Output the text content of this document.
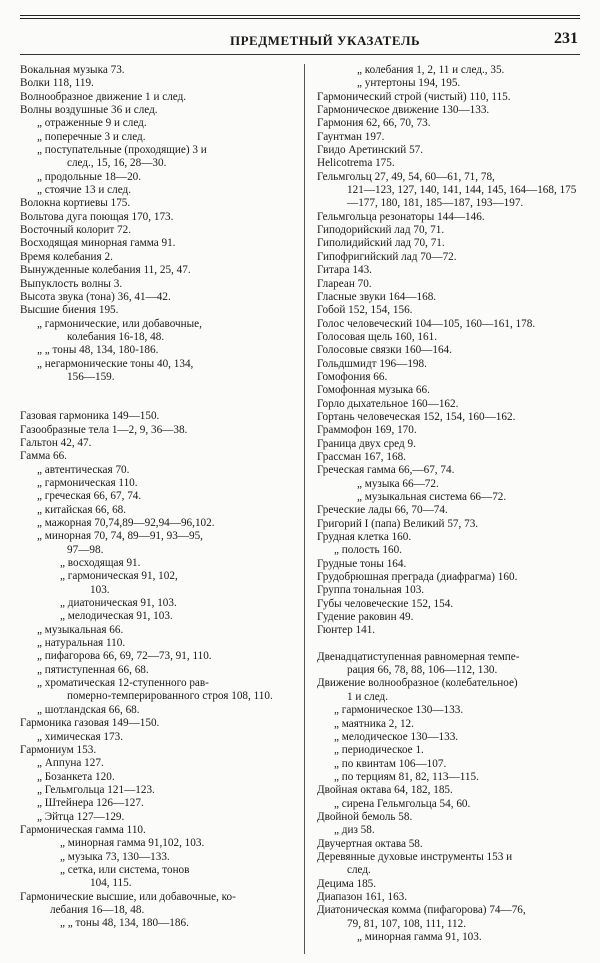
ПРЕДМЕТНЫЙ УКАЗАТЕЛЬ	231

Вокальная музыка 73.

Волки 118, 119.

Волнообразное движение 1 и след.

Волны воздушные 36 и след.

„ отраженные 9 и след.

„ поперечные 3 и след.

„ поступательные (проходящие) 3 и
след., 15, 16, 28—30.

„ продольные 18—20.

„ стоячие 13 и след.

Волокна кортиевы 175.

Вольтова дуга поющая 170, 173.

Восточный колорит 72.

Восходящая минорная гамма 91.

Время колебания 2.

Вынужденные колебания 11, 25, 47.

Выпуклость волны 3.

Высота звука (тона) 36, 41—42.

Высшие биения 195.

„ гармонические, или добавочные,
колебания 16-18, 48.

„ „ тоны 48, 134, 180-186.

„ негармонические тоны 40, 134,
156—159.

Газовая гармоника 149—150.

Газообразные тела 1—2, 9, 36—38.

Гальтон 42, 47.

Гамма 66.

„ автентическая 70.

„ гармоническая 110.

„ греческая 66, 67, 74.

„ китайская 66, 68.

„ мажорная 70,74,89—92,94—96,102.

„ минорная 70, 74, 89—91, 93—95,
97—98.

„ восходящая 91.

„ гармоническая 91, 102,
103.

„ диатоническая 91, 103.

„ мелодическая 91, 103.

„ музыкальная 66.

„ натуральная 110.

„ пифагорова 66, 69, 72—73, 91, 110.

„ пятиступенная 66, 68.

„ хроматическая 12-ступенного рав-
померно-темперированного строя 108, 110.

„ шотландская 66, 68.

Гармоника газовая 149—150.

„ химическая 173.

Гармониум 153.

„ Аппуна 127.

„ Бозанкета 120.

„ Гельмгольца 121—123.

„ Штейнера 126—127.

„ Эйтца 127—129.

Гармоническая гамма 110.

„ минорная гамма 91,102, 103.

„ музыка 73, 130—133.

„ сетка, или система, тонов
104, 115.

Гармонические высшие, или добавочные, ко-
лебания 16—18, 48.

„ „ тоны 48, 134, 180—186.

„ колебания 1, 2, 11 и след., 35.

„ унтертоны 194, 195.

Гармонический строй (чистый) 110, 115.

Гармоническое движение 130—133.

Гармония 62, 66, 70, 73.

Гаунтман 197.

Гвидо Аретинский 57.

Helicotrema 175.

Гельмгольц 27, 49, 54, 60—61, 71, 78,
121—123, 127, 140, 141, 144, 145, 164—168, 175—177, 180, 181, 185—187, 193—197.

Гельмгольца резонаторы 144—146.

Гиподорийский лад 70, 71.

Гиполидийский лад 70, 71.

Гипофригийский лад 70—72.

Гитара 143.

Глареан 70.

Гласные звуки 164—168.

Гобой 152, 154, 156.

Голос человеческий 104—105, 160—161, 178.

Голосовая щель 160, 161.

Голосовые связки 160—164.

Гольдшмидт 196—198.

Гомофония 66.

Гомофонная музыка 66.

Горло дыхательное 160—162.

Гортань человеческая 152, 154, 160—162.

Граммофон 169, 170.

Граница двух сред 9.

Грассман 167, 168.

Греческая гамма 66,—67, 74.

„ музыка 66—72.

„ музыкальная система 66—72.

Греческие лады 66, 70—74.

Григорий I (папа) Великий 57, 73.

Грудная клетка 160.

„ полость 160.

Грудные тоны 164.

Грудобрюшная преграда (диафрагма) 160.

Группа тональная 103.

Губы человеческие 152, 154.

Гудение раковин 49.

Гюнтер 141.

Двенадцатиступенная равномерная темпе-
рация 66, 78, 88, 106—112, 130.

Движение волнообразное (колебательное)
1 и след.

„ гармоническое 130—133.

„ маятника 2, 12.

„ мелодическое 130—133.

„ периодическое 1.

„ по квинтам 106—107.

„ по терциям 81, 82, 113—115.

Двойная октава 64, 182, 185.

„ сирена Гельмгольца 54, 60.

Двойной бемоль 58.

„ диз 58.

Двучертная октава 58.

Деревянные духовые инструменты 153 и
след.

Децима 185.

Диапазон 161, 163.

Диатоническая комма (пифагорова) 74—76,
79, 81, 107, 108, 111, 112.

„ минорная гамма 91, 103.
